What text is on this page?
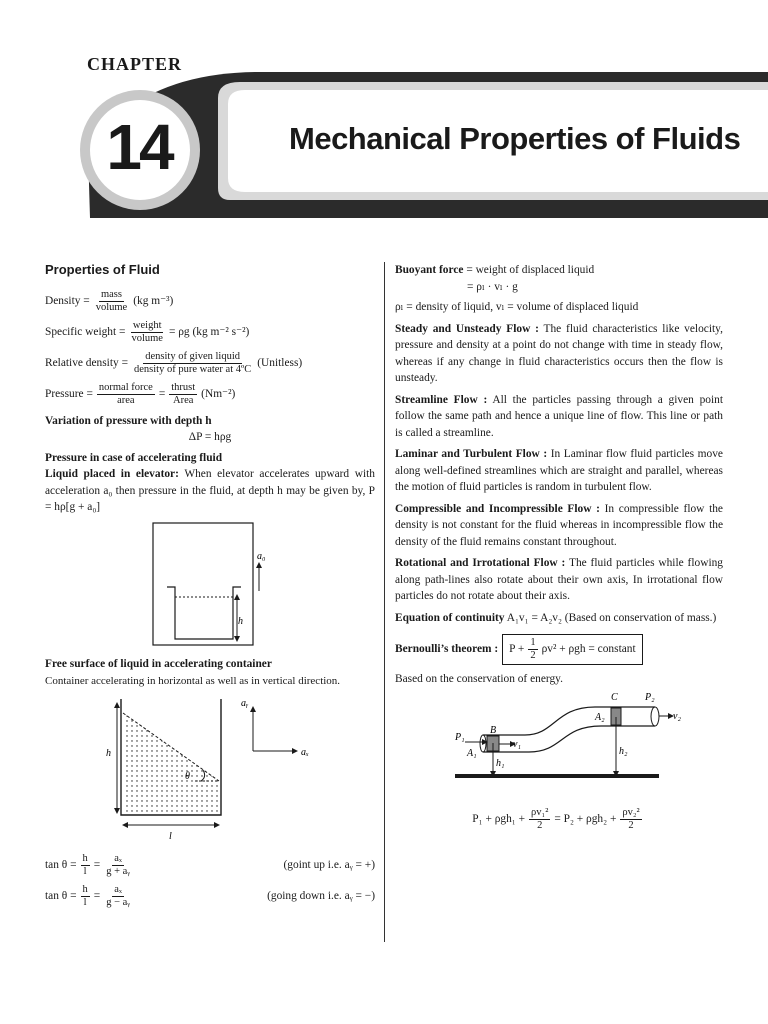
CHAPTER
14	Mechanical Properties of Fluids
Properties of Fluid
Density = $\frac{\text{mass}}{\text{volume}} (kg$ m⁻³)
Specific weight = $\frac{\text{weight}}{\text{volume}} = \rho g$
(kg m⁻² s⁻²)
Relative density = $\frac{\text{density of given liquid}}{\text{density of pure water at 4ºC}}$ (Unitless)
Pressure = $\frac{\text{normal force}}{\text{area}} = \frac{\text{thrust}}{\text{Area}} (Nm^{-2})$
Variation of pressure with depth h
ΔP = hρg
Pressure in case of accelerating fluid
Liquid placed in elevator: When elevator accelerates upward with acceleration a₀ then pressure in the fluid, at depth h may be given by, P = hρ[g + a₀]
h
a₀
Free surface of liquid in accelerating container
Container accelerating in horizontal as well as in vertical direction.
h
l
θ
aᵧ
aₓ
$\tan \theta = \frac{h}{l} = \frac{\text{aₓ}}{\text{g + aᵧ}}$	(goint up i.e. aᵧ = +)
$\tan \theta = \frac{h}{l} = \frac{\text{aₓ}}{\text{g − aᵧ}}$	(going down i.e. aᵧ = −)
Buoyant force = weight of displaced liquid
= ρₗ · vₗ · g
ρₗ = density of liquid, vₗ = volume of displaced liquid
Steady and Unsteady Flow : The fluid characteristics like velocity, pressure and density at a point do not change with time in steady flow, whereas if any change in fluid characteristics occurs then the flow is unsteady.
Streamline Flow : All the particles passing through a given point follow the same path and hence a unique line of flow. This line or path is called a streamline.
Laminar and Turbulent Flow : In Laminar flow fluid particles move along well-defined streamlines which are straight and parallel, whereas the motion of fluid particles is random in turbulent flow.
Compressible and Incompressible Flow : In compressible flow the density is not constant for the fluid whereas in incompressible flow the density of the fluid remains constant throughout.
Rotational and Irrotational Flow : The fluid particles while flowing along path-lines also rotate about their own axis, In irrotational flow particles do not rotate about their axis.
Equation of continuity A₁v₁ = A₂v₂ (Based on conservation of mass.)
Bernoulli’s theorem : $P + \frac{1}{2} \rho v^2 + \rho gh$ = constant
Based on the conservation of energy.
C	P₂
A₂	v₂
P₁
B
v₁
A₁
h₁
h₂
$P_1 + \rho gh_1 + \frac{\text{ρv₁²}}{2} = P_2 + \rho gh_2 + \frac{\text{ρv₂²}}{2}$
